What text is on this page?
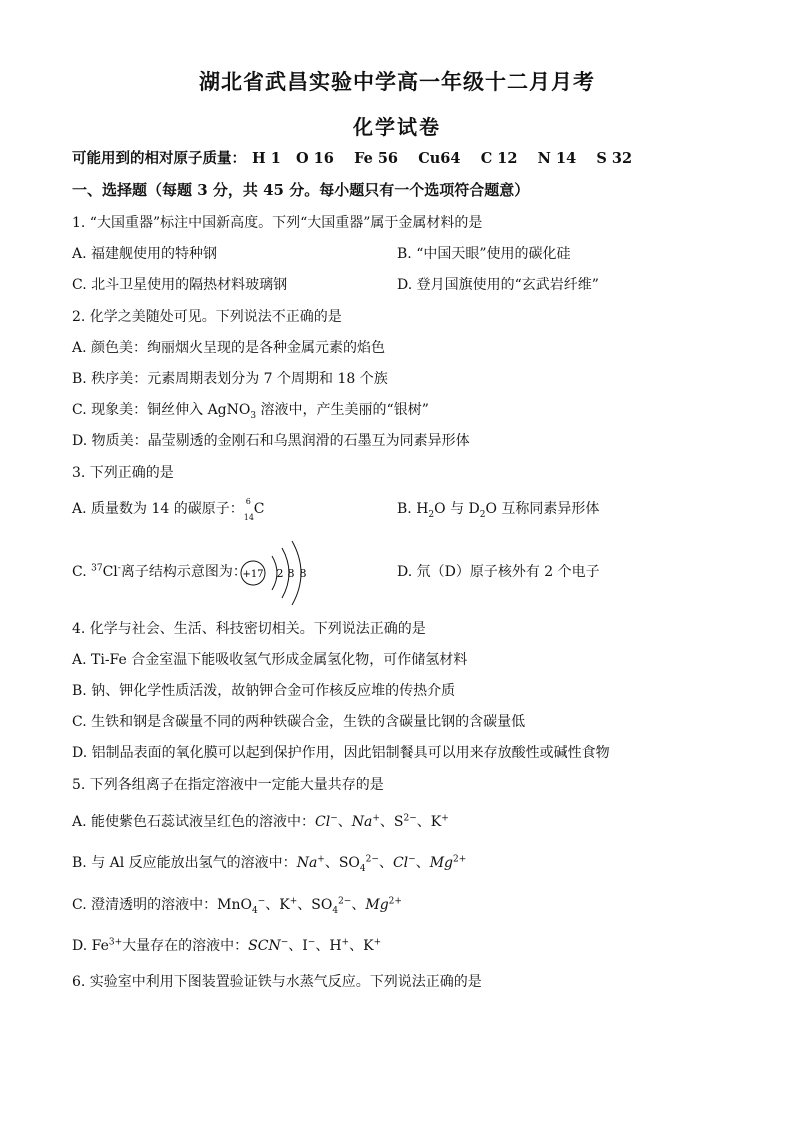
湖北省武昌实验中学高一年级十二月月考
化学试卷
可能用到的相对原子质量： H 1 O 16 Fe 56 Cu64 C 12 N 14 S 32
一、选择题（每题 3 分，共 45 分。每小题只有一个选项符合题意）
1. “大国重器”标注中国新高度。下列“大国重器”属于金属材料的是
A. 福建舰使用的特种钢	B. “中国天眼”使用的碳化硅
C. 北斗卫星使用的隔热材料玻璃钢	D. 登月国旗使用的“玄武岩纤维”
2. 化学之美随处可见。下列说法不正确的是
A. 颜色美：绚丽烟火呈现的是各种金属元素的焰色
B. 秩序美：元素周期表划分为 7 个周期和 18 个族
C. 现象美：铜丝伸入 AgNO$_3$ 溶液中，产生美丽的“银树”
D. 物质美：晶莹剔透的金刚石和乌黑润滑的石墨互为同素异形体
3. 下列正确的是
A. 质量数为 14 的碳原子： 6
14
C	B. $H_2O$ 与 $D_2O$ 互称同素异形体
C. $^{37}$Cl-离子结构示意图为：
+17 2 8 8	D. 氘（D）原子核外有 2 个电子
4. 化学与社会、生活、科技密切相关。下列说法正确的是
A. Ti-Fe 合金室温下能吸收氢气形成金属氢化物，可作储氢材料
B. 钠、钾化学性质活泼，故钠钾合金可作核反应堆的传热介质
C. 生铁和钢是含碳量不同的两种铁碳合金，生铁的含碳量比钢的含碳量低
D. 铝制品表面的氧化膜可以起到保护作用，因此铝制餐具可以用来存放酸性或碱性食物
5. 下列各组离子在指定溶液中一定能大量共存的是
A. 能使紫色石蕊试液呈红色的溶液中：Cl−、Na+、$S^{2-}$、K+
B. 与 Al 反应能放出氢气的溶液中：Na+、$SO_4^{2-}$、Cl−、$Mg^{2+}$
C. 澄清透明的溶液中：MnO$_4$−、K+、$SO_4^{2-}$、$Mg^{2+}$
D. $Fe^{3+}$大量存在的溶液中：SCN−、I−、H+、K+
6. 实验室中利用下图装置验证铁与水蒸气反应。下列说法正确的是
